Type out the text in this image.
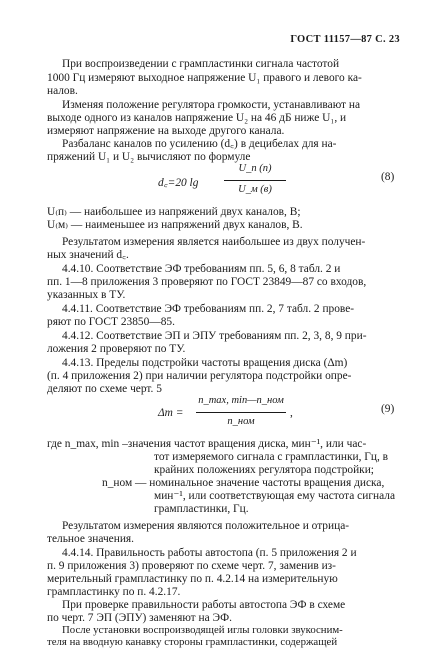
ГОСТ 11157—87 С. 23
При воспроизведении с грампластинки сигнала частотой
1000 Гц измеряют выходное напряжение U₁ правого и левого ка-
налов.
Изменяя положение регулятора громкости, устанавливают на
выходе одного из каналов напряжение U₂ на 46 дБ ниже U₁, и
измеряют напряжение на выходе другого канала.
Разбаланс каналов по усилению (d꜀) в децибелах для на-
пряжений U₁ и U₂ вычисляют по формуле
d꜀=20 lg
U_п (п)
U_м (в)
(8)
U₍п₎ — наибольшее из напряжений двух каналов, В;
U₍м₎ — наименьшее из напряжений двух каналов, В.
Результатом измерения является наибольшее из двух получен-
ных значений d꜀.
4.4.10. Соответствие ЭФ требованиям пп. 5, 6, 8 табл. 2 и
пп. 1—8 приложения 3 проверяют по ГОСТ 23849—87 со входов,
указанных в ТУ.
4.4.11. Соответствие ЭФ требованиям пп. 2, 7 табл. 2 прове-
ряют по ГОСТ 23850—85.
4.4.12. Соответствие ЭП и ЭПУ требованиям пп. 2, 3, 8, 9 при-
ложения 2 проверяют по ТУ.
4.4.13. Пределы подстройки частоты вращения диска (Δm)
(п. 4 приложения 2) при наличии регулятора подстройки опре-
деляют по схеме черт. 5
Δm =
n_max, min—n_ном
n_ном
,	(9)
где n_max, min –значения частот вращения диска, мин⁻¹, или час-
тот измеряемого сигнала с грампластинки, Гц, в
крайних положениях регулятора подстройки;
n_ном — номинальное значение частоты вращения диска,
мин⁻¹, или соответствующая ему частота сигнала
грампластинки, Гц.
Результатом измерения являются положительное и отрица-
тельное значения.
4.4.14. Правильность работы автостопа (п. 5 приложения 2 и
п. 9 приложения 3) проверяют по схеме черт. 7, заменив из-
мерительный грампластинку по п. 4.2.14 на измерительную
грампластинку по п. 4.2.17.
При проверке правильности работы автостопа ЭФ в схеме
по черт. 7 ЭП (ЭПУ) заменяют на ЭФ.
После установки воспроизводящей иглы головки звукосним-
теля на вводную канавку стороны грампластинки, содержащей
